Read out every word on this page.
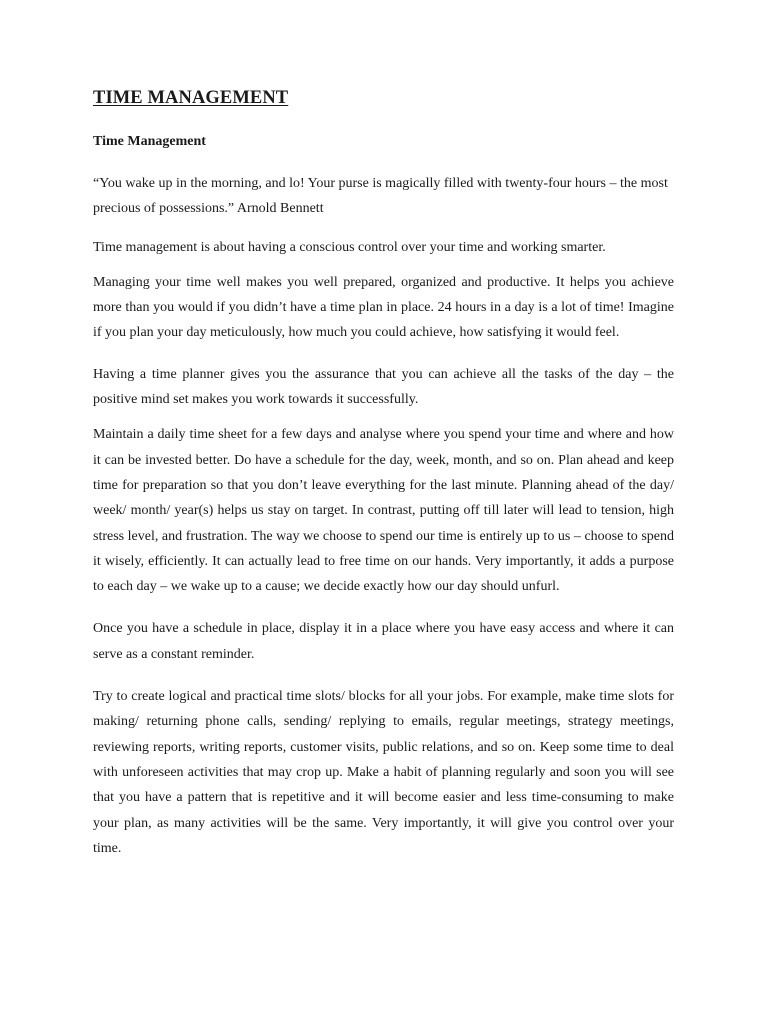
TIME MANAGEMENT
Time Management

“You wake up in the morning, and lo! Your purse is magically filled with twenty-four hours – the most precious of possessions.” Arnold Bennett

Time management is about having a conscious control over your time and working smarter.

Managing your time well makes you well prepared, organized and productive. It helps you achieve more than you would if you didn’t have a time plan in place. 24 hours in a day is a lot of time! Imagine if you plan your day meticulously, how much you could achieve, how satisfying it would feel.

Having a time planner gives you the assurance that you can achieve all the tasks of the day – the positive mind set makes you work towards it successfully.

Maintain a daily time sheet for a few days and analyse where you spend your time and where and how it can be invested better. Do have a schedule for the day, week, month, and so on. Plan ahead and keep time for preparation so that you don’t leave everything for the last minute. Planning ahead of the day/ week/ month/ year(s) helps us stay on target. In contrast, putting off till later will lead to tension, high stress level, and frustration. The way we choose to spend our time is entirely up to us – choose to spend it wisely, efficiently. It can actually lead to free time on our hands. Very importantly, it adds a purpose to each day – we wake up to a cause; we decide exactly how our day should unfurl.

Once you have a schedule in place, display it in a place where you have easy access and where it can serve as a constant reminder.

Try to create logical and practical time slots/ blocks for all your jobs. For example, make time slots for making/ returning phone calls, sending/ replying to emails, regular meetings, strategy meetings, reviewing reports, writing reports, customer visits, public relations, and so on. Keep some time to deal with unforeseen activities that may crop up. Make a habit of planning regularly and soon you will see that you have a pattern that is repetitive and it will become easier and less time-consuming to make your plan, as many activities will be the same. Very importantly, it will give you control over your time.
